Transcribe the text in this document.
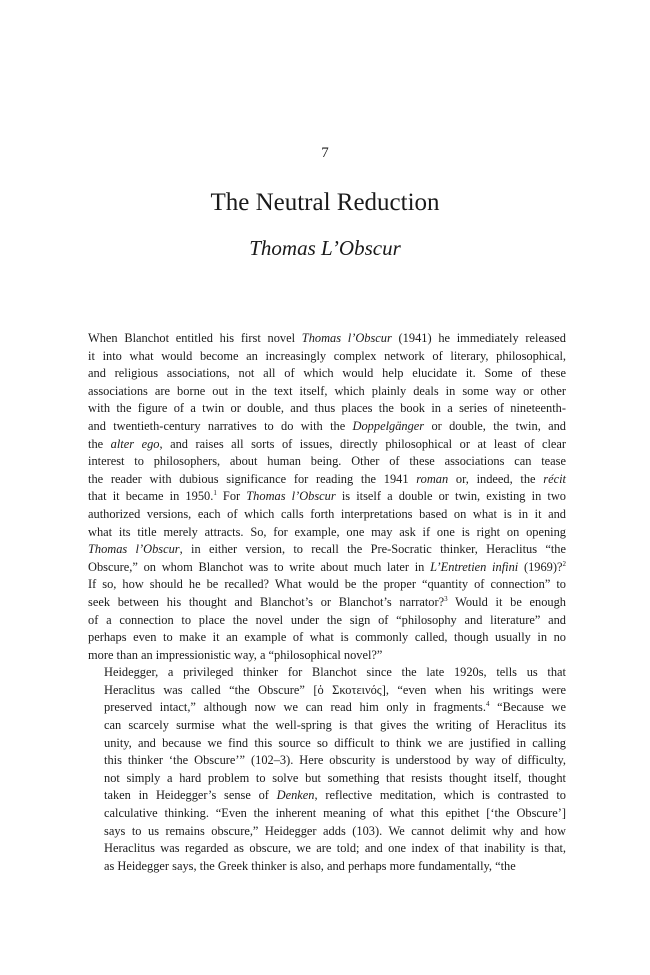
7
The Neutral Reduction
Thomas L’Obscur

When Blanchot entitled his first novel Thomas l’Obscur (1941) he immediately released
it into what would become an increasingly complex network of literary, philosophical,
and religious associations, not all of which would help elucidate it. Some of these
associations are borne out in the text itself, which plainly deals in some way or other
with the figure of a twin or double, and thus places the book in a series of nineteenth-
and twentieth-century narratives to do with the Doppelgänger or double, the twin, and
the alter ego, and raises all sorts of issues, directly philosophical or at least of clear
interest to philosophers, about human being. Other of these associations can tease
the reader with dubious significance for reading the 1941 roman or, indeed, the récit
that it became in 1950.$^1$ For Thomas l’Obscur is itself a double or twin, existing in two
authorized versions, each of which calls forth interpretations based on what is in it and
what its title merely attracts. So, for example, one may ask if one is right on opening
Thomas l’Obscur, in either version, to recall the Pre-Socratic thinker, Heraclitus “the
Obscure,” on whom Blanchot was to write about much later in L’Entretien infini (1969)?$^2$
If so, how should he be recalled? What would be the proper “quantity of connection” to
seek between his thought and Blanchot’s or Blanchot’s narrator?$^3$ Would it be enough
of a connection to place the novel under the sign of “philosophy and literature” and
perhaps even to make it an example of what is commonly called, though usually in no
more than an impressionistic way, a “philosophical novel?”

Heidegger, a privileged thinker for Blanchot since the late 1920s, tells us that
Heraclitus was called “the Obscure” [ὁ Σκοτεινός], “even when his writings were
preserved intact,” although now we can read him only in fragments.$^4$ “Because we
can scarcely surmise what the well-spring is that gives the writing of Heraclitus its
unity, and because we find this source so difficult to think we are justified in calling
this thinker ‘the Obscure’” (102–3). Here obscurity is understood by way of difficulty,
not simply a hard problem to solve but something that resists thought itself, thought
taken in Heidegger’s sense of Denken, reflective meditation, which is contrasted to
calculative thinking. “Even the inherent meaning of what this epithet [‘the Obscure’]
says to us remains obscure,” Heidegger adds (103). We cannot delimit why and how
Heraclitus was regarded as obscure, we are told; and one index of that inability is that,
as Heidegger says, the Greek thinker is also, and perhaps more fundamentally, “the
